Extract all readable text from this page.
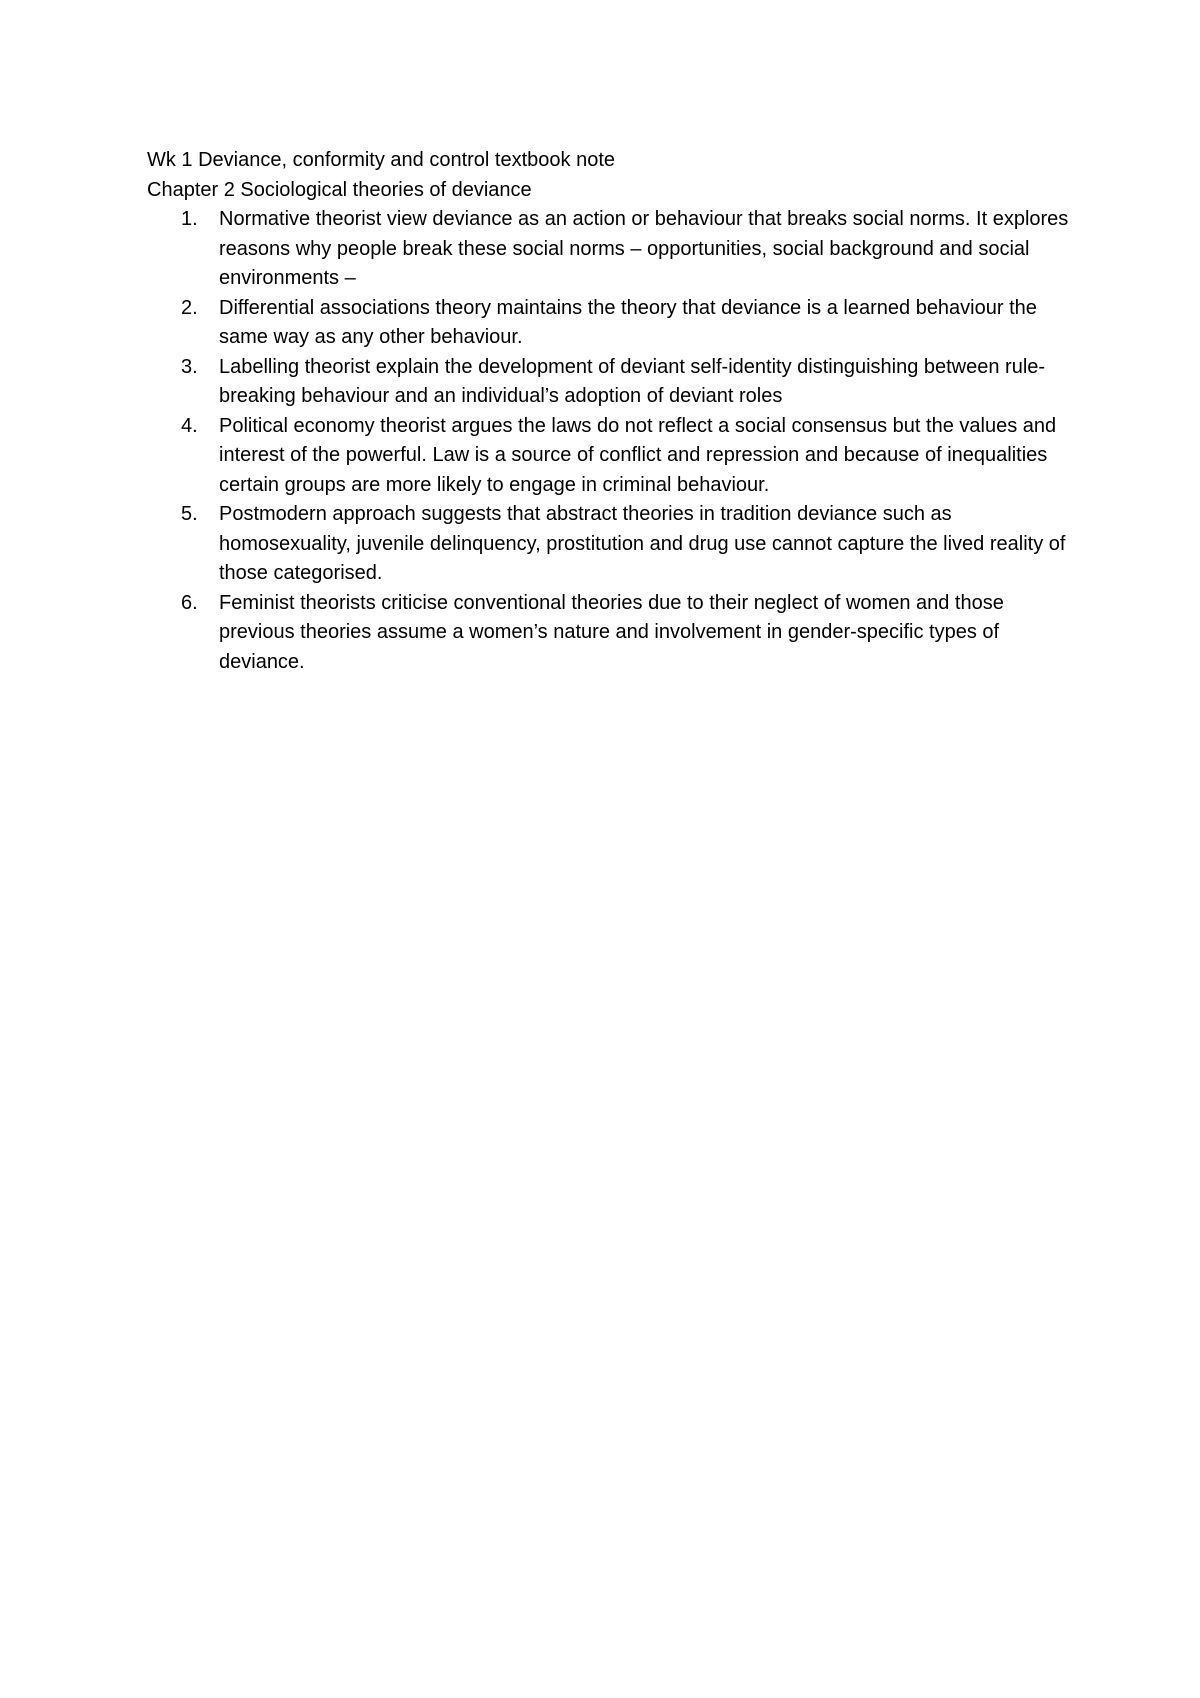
Wk 1 Deviance, conformity and control textbook note

Chapter 2 Sociological theories of deviance

1. Normative theorist view deviance as an action or behaviour that breaks social norms. It explores reasons why people break these social norms – opportunities, social background and social environments –
2. Differential associations theory maintains the theory that deviance is a learned behaviour the same way as any other behaviour.
3. Labelling theorist explain the development of deviant self-identity distinguishing between rule-breaking behaviour and an individual’s adoption of deviant roles
4. Political economy theorist argues the laws do not reflect a social consensus but the values and interest of the powerful. Law is a source of conflict and repression and because of inequalities certain groups are more likely to engage in criminal behaviour.
5. Postmodern approach suggests that abstract theories in tradition deviance such as homosexuality, juvenile delinquency, prostitution and drug use cannot capture the lived reality of those categorised.
6. Feminist theorists criticise conventional theories due to their neglect of women and those previous theories assume a women’s nature and involvement in gender-specific types of deviance.
